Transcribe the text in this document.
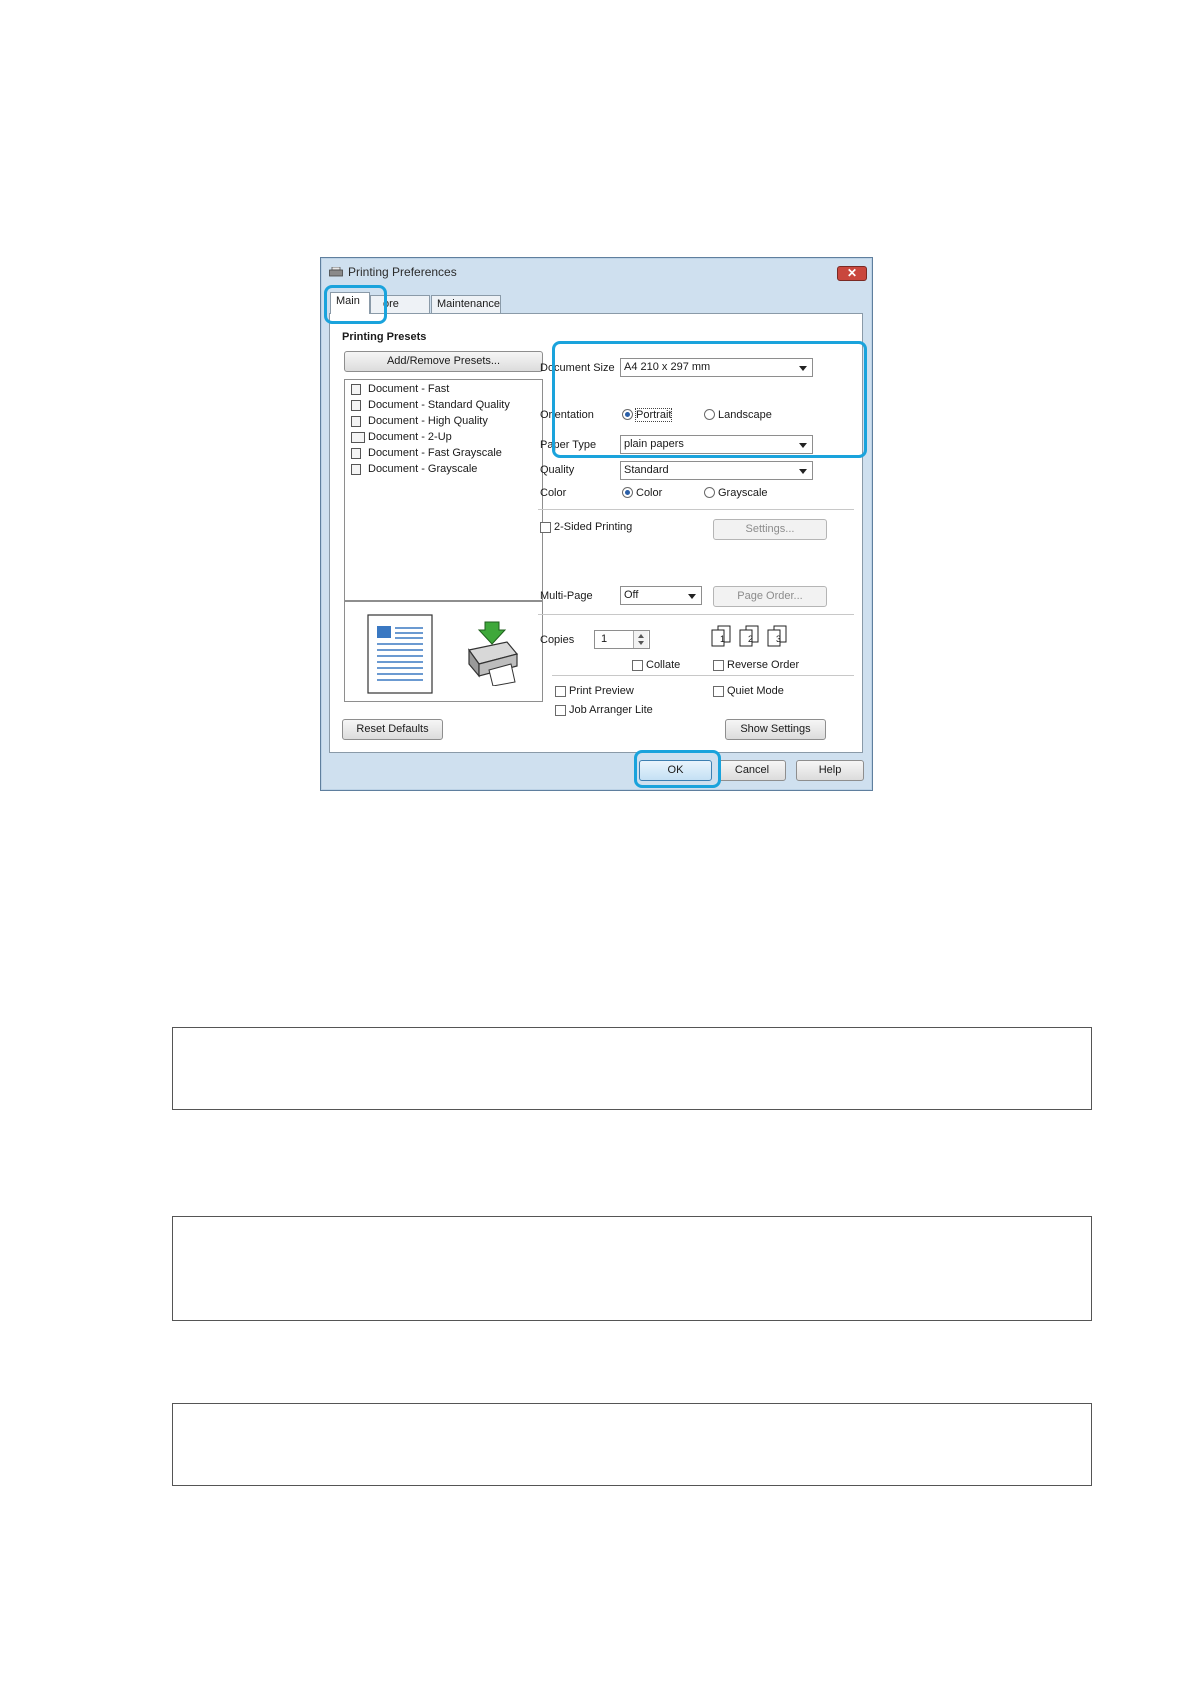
Printing Preferences	✕
Main	ore	Maintenance
Printing Presets
Add/Remove Presets...
Document - Fast
Document - Standard Quality
Document - High Quality
Document - 2-Up
Document - Fast Grayscale
Document - Grayscale
Document Size A4 210 x 297 mm
Orientation	Portrait	Landscape
Paper Type	plain papers
Quality	Standard
Color	Color	Grayscale
2-Sided Printing	Settings...
Multi-Page	Off	Page Order...
Copies	1	1	2	3
Collate	Reverse Order
Print Preview	Quiet Mode
Job Arranger Lite
Reset Defaults	Show Settings
OK	Cancel	Help
